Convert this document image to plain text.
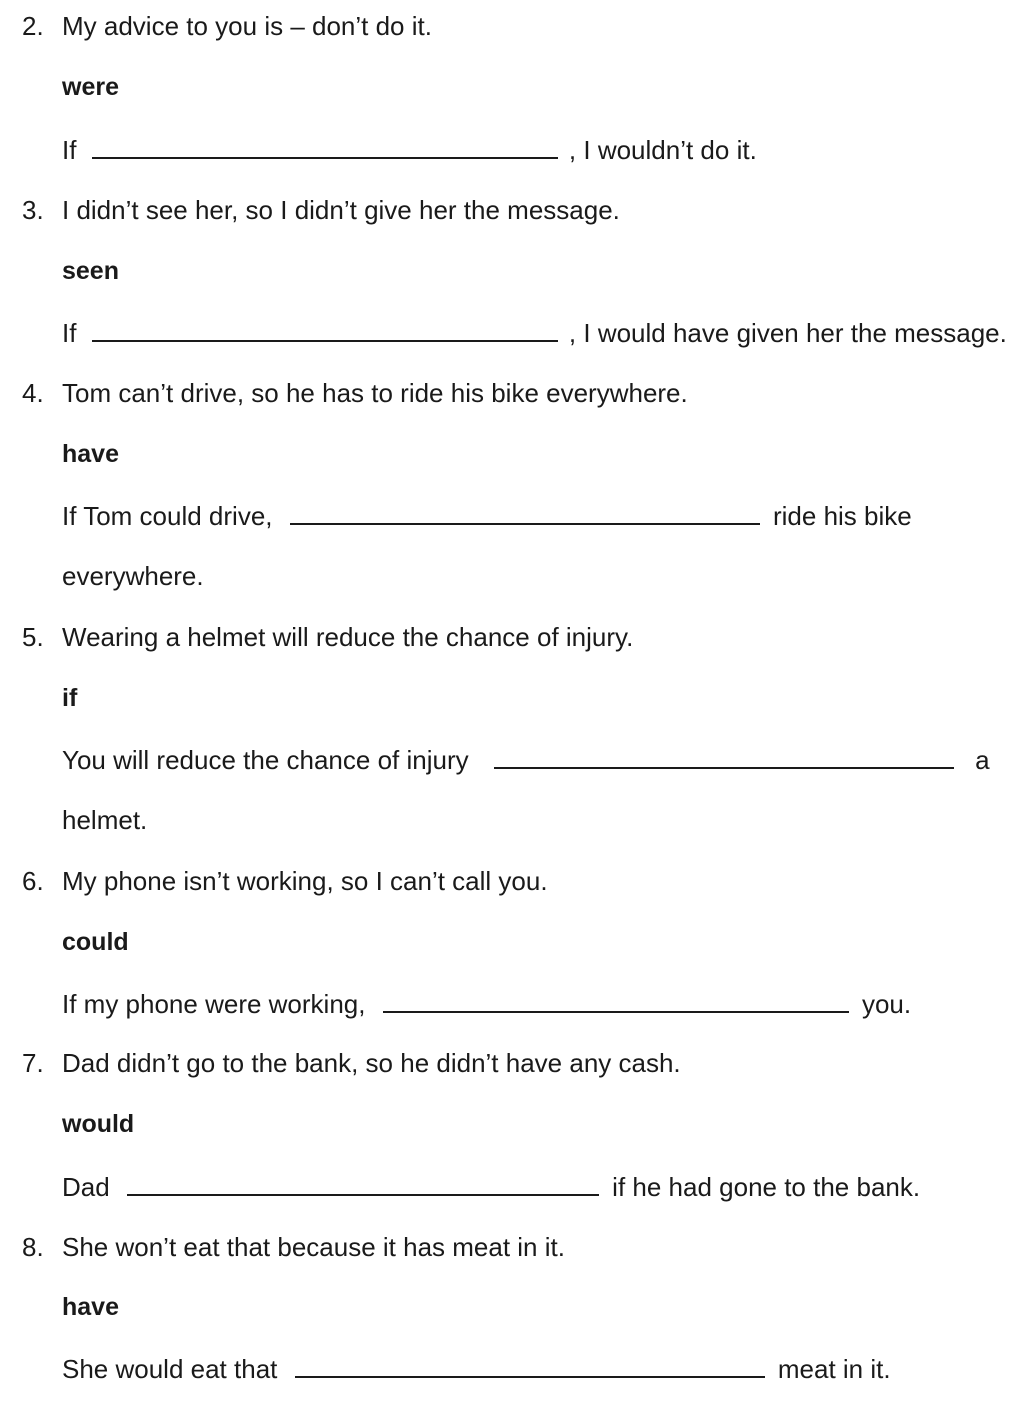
2. My advice to you is – don’t do it.
were
If	, I wouldn’t do it.
3. I didn’t see her, so I didn’t give her the message.
seen
If	, I would have given her the message.
4. Tom can’t drive, so he has to ride his bike everywhere.
have
If Tom could drive,	ride his bike
everywhere.
5. Wearing a helmet will reduce the chance of injury.
if
You will reduce the chance of injury	a
helmet.
6. My phone isn’t working, so I can’t call you.
could
If my phone were working,	you.
7. Dad didn’t go to the bank, so he didn’t have any cash.
would
Dad	if he had gone to the bank.
8. She won’t eat that because it has meat in it.
have
She would eat that	meat in it.
